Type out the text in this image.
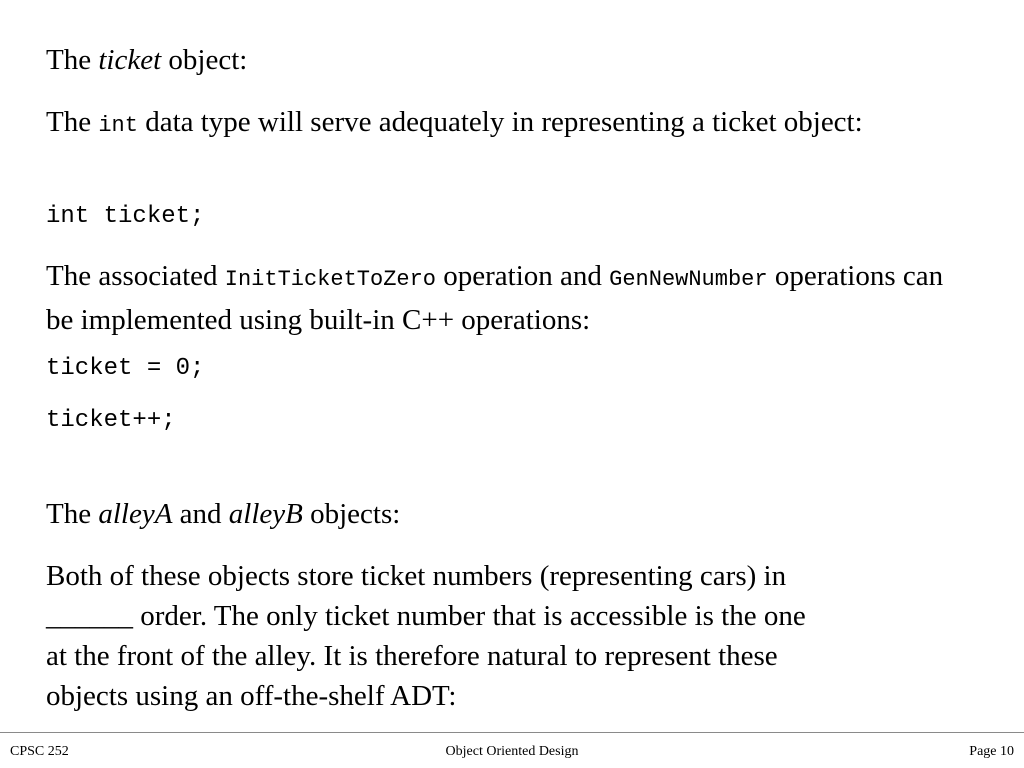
The ticket object:

The int data type will serve adequately in representing a ticket object:

int ticket;

The associated InitTicketToZero operation and GenNewNumber operations can be implemented using built-in C++ operations:

ticket = 0;

ticket++;

The alleyA and alleyB objects:

Both of these objects store ticket numbers (representing cars) in
______ order. The only ticket number that is accessible is the one
at the front of the alley. It is therefore natural to represent these
objects using an off-the-shelf ADT:
CPSC 252	Object Oriented Design	Page 10
